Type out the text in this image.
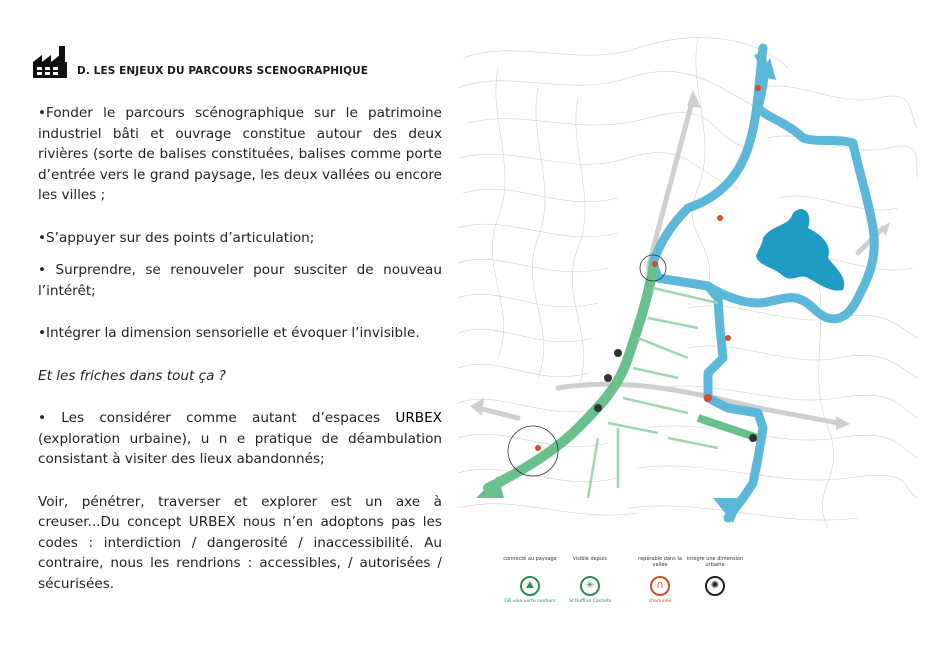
D. LES ENJEUX DU PARCOURS SCENOGRAPHIQUE

•Fonder le parcours scénographique sur le patrimoine industriel bâti et ouvrage constitue autour des deux rivières (sorte de balises constituées, balises comme porte d’entrée vers le grand paysage, les deux vallées ou encore les villes ;

•S’appuyer sur des points d’articulation;

• Surprendre, se renouveler pour susciter de nouveau l’intérêt;

•Intégrer la dimension sensorielle et évoquer l’invisible.

Et les friches dans tout ça ?

• Les considérer comme autant d’espaces URBEX (exploration urbaine), u n e pratique de déambulation consistant à visiter des lieux abandonnés;

Voir, pénétrer, traverser et explorer est un axe à creuser...Du concept URBEX nous n’en adoptons pas les codes : interdiction / dangerosité / inaccessibilité. Au contraire, nous les rendrions : accessibles, / autorisées / sécurisées.

connecté au paysage
⛰
GR voie verte sentiers
visible depuis
✳
St Ruffine Castella
repérable dans la vallée
∩
cheminée
intègre une dimension urbaine
✺
